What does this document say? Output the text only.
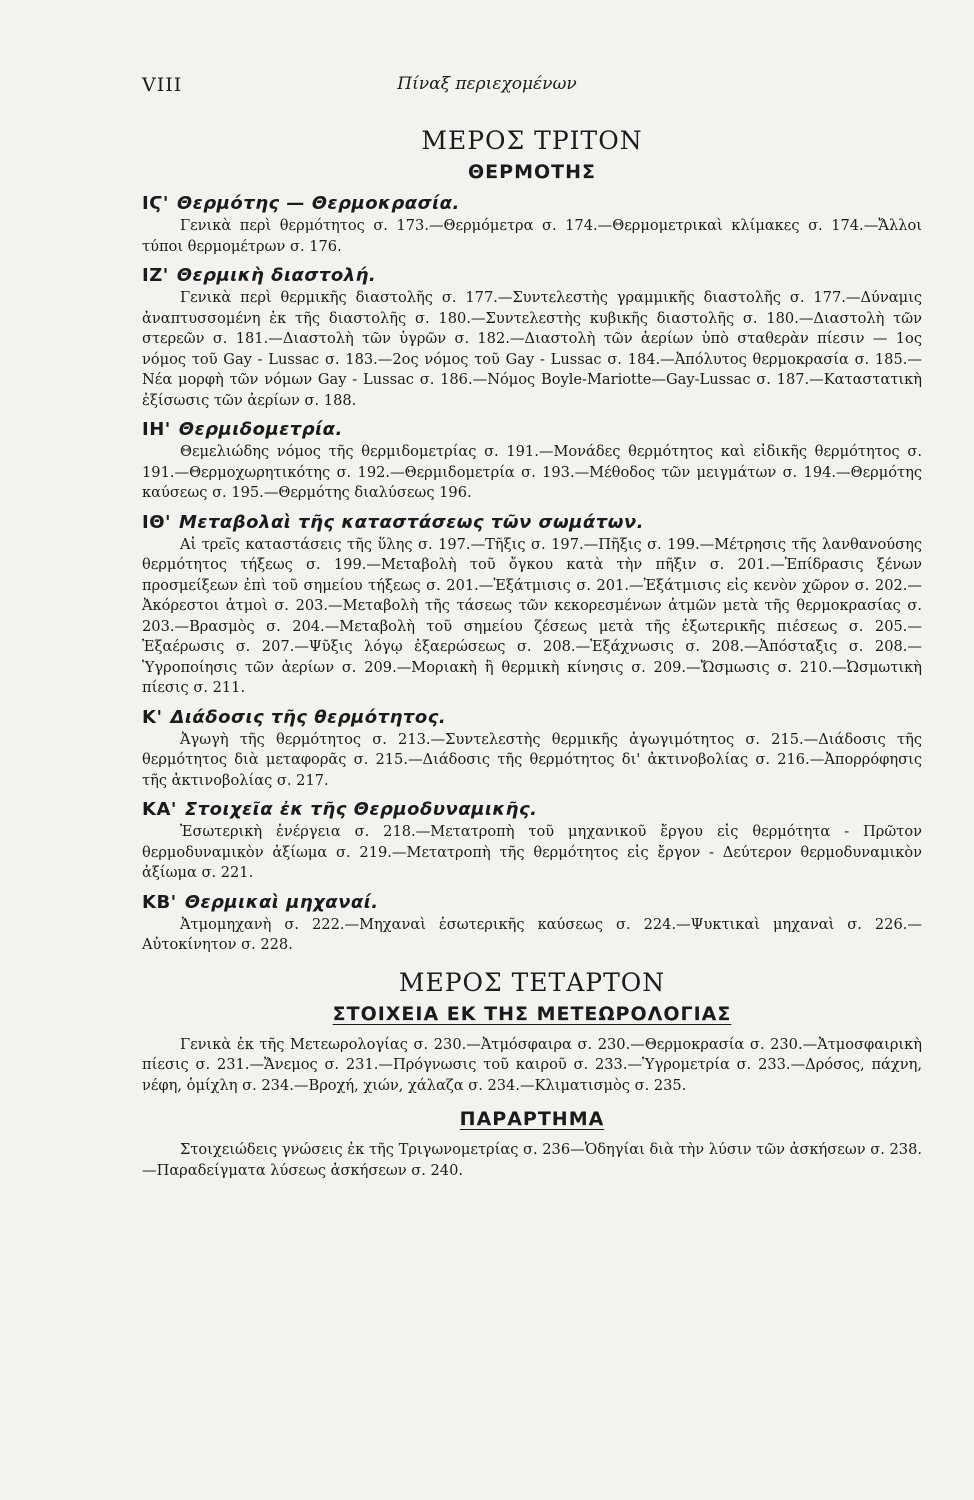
VIII	Πίναξ περιεχομένων
ΜΕΡΟΣ ΤΡΙΤΟΝ
ΘΕΡΜΟΤΗΣ
ΙϚ' Θερμότης — Θερμοκρασία.

Γενικὰ περὶ θερμότητος σ. 173.—Θερμόμετρα σ. 174.—Θερμομετρικαὶ κλίμακες σ. 174.—Ἄλλοι τύποι θερμομέτρων σ. 176.

ΙΖ' Θερμικὴ διαστολή.

Γενικὰ περὶ θερμικῆς διαστολῆς σ. 177.—Συντελεστὴς γραμμικῆς διαστολῆς σ. 177.—Δύναμις ἀναπτυσσομένη ἐκ τῆς διαστολῆς σ. 180.—Συντελεστὴς κυβικῆς διαστολῆς σ. 180.—Διαστολὴ τῶν στερεῶν σ. 181.—Διαστολὴ τῶν ὑγρῶν σ. 182.—Διαστολὴ τῶν ἀερίων ὑπὸ σταθερὰν πίεσιν — 1ος νόμος τοῦ Gay - Lussac σ. 183.—2ος νόμος τοῦ Gay - Lussac σ. 184.—Ἀπόλυτος θερμοκρασία σ. 185.—Νέα μορφὴ τῶν νόμων Gay - Lussac σ. 186.—Νόμος Boyle-Mariotte—Gay-Lussac σ. 187.—Καταστατικὴ ἐξίσωσις τῶν ἀερίων σ. 188.

ΙΗ' Θερμιδομετρία.

Θεμελιώδης νόμος τῆς θερμιδομετρίας σ. 191.—Μονάδες θερμότητος καὶ εἰδικῆς θερμότητος σ. 191.—Θερμοχωρητικότης σ. 192.—Θερμιδομετρία σ. 193.—Μέθοδος τῶν μειγμάτων σ. 194.—Θερμότης καύσεως σ. 195.—Θερμότης διαλύσεως 196.

ΙΘ' Μεταβολαὶ τῆς καταστάσεως τῶν σωμάτων.

Αἱ τρεῖς καταστάσεις τῆς ὕλης σ. 197.—Τῆξις σ. 197.—Πῆξις σ. 199.—Μέτρησις τῆς λανθανούσης θερμότητος τήξεως σ. 199.—Μεταβολὴ τοῦ ὄγκου κατὰ τὴν πῆξιν σ. 201.—Ἐπίδρασις ξένων προσμείξεων ἐπὶ τοῦ σημείου τήξεως σ. 201.—Ἐξάτμισις σ. 201.—Ἐξάτμισις εἰς κενὸν χῶρον σ. 202.—Ἀκόρεστοι ἀτμοὶ σ. 203.—Μεταβολὴ τῆς τάσεως τῶν κεκορεσμένων ἀτμῶν μετὰ τῆς θερμοκρασίας σ. 203.—Βρασμὸς σ. 204.—Μεταβολὴ τοῦ σημείου ζέσεως μετὰ τῆς ἐξωτερικῆς πιέσεως σ. 205.—Ἐξαέρωσις σ. 207.—Ψῦξις λόγῳ ἐξαερώσεως σ. 208.—Ἐξάχνωσις σ. 208.—Ἀπόσταξις σ. 208.—Ὑγροποίησις τῶν ἀερίων σ. 209.—Μοριακὴ ἢ θερμικὴ κίνησις σ. 209.—Ὤσμωσις σ. 210.—Ὠσμωτικὴ πίεσις σ. 211.

Κ' Διάδοσις τῆς θερμότητος.

Ἀγωγὴ τῆς θερμότητος σ. 213.—Συντελεστὴς θερμικῆς ἀγωγιμότητος σ. 215.—Διάδοσις τῆς θερμότητος διὰ μεταφορᾶς σ. 215.—Διάδοσις τῆς θερμότητος δι' ἀκτινοβολίας σ. 216.—Ἀπορρόφησις τῆς ἀκτινοβολίας σ. 217.

ΚΑ' Στοιχεῖα ἐκ τῆς Θερμοδυναμικῆς.

Ἐσωτερικὴ ἐνέργεια σ. 218.—Μετατροπὴ τοῦ μηχανικοῦ ἔργου εἰς θερμότητα - Πρῶτον θερμοδυναμικὸν ἀξίωμα σ. 219.—Μετατροπὴ τῆς θερμότητος εἰς ἔργον - Δεύτερον θερμοδυναμικὸν ἀξίωμα σ. 221.

ΚΒ' Θερμικαὶ μηχαναί.

Ἀτμομηχανὴ σ. 222.—Μηχαναὶ ἐσωτερικῆς καύσεως σ. 224.—Ψυκτικαὶ μηχαναὶ σ. 226.—Αὐτοκίνητον σ. 228.

ΜΕΡΟΣ ΤΕΤΑΡΤΟΝ
ΣΤΟΙΧΕΙΑ ΕΚ ΤΗΣ ΜΕΤΕΩΡΟΛΟΓΙΑΣ

Γενικὰ ἐκ τῆς Μετεωρολογίας σ. 230.—Ἀτμόσφαιρα σ. 230.—Θερμοκρασία σ. 230.—Ἀτμοσφαιρικὴ πίεσις σ. 231.—Ἄνεμος σ. 231.—Πρόγνωσις τοῦ καιροῦ σ. 233.—Ὑγρομετρία σ. 233.—Δρόσος, πάχνη, νέφη, ὁμίχλη σ. 234.—Βροχή, χιών, χάλαζα σ. 234.—Κλιματισμὸς σ. 235.

ΠΑΡΑΡΤΗΜΑ

Στοιχειώδεις γνώσεις ἐκ τῆς Τριγωνομετρίας σ. 236—Ὁδηγίαι διὰ τὴν λύσιν τῶν ἀσκήσεων σ. 238.—Παραδείγματα λύσεως ἀσκήσεων σ. 240.
